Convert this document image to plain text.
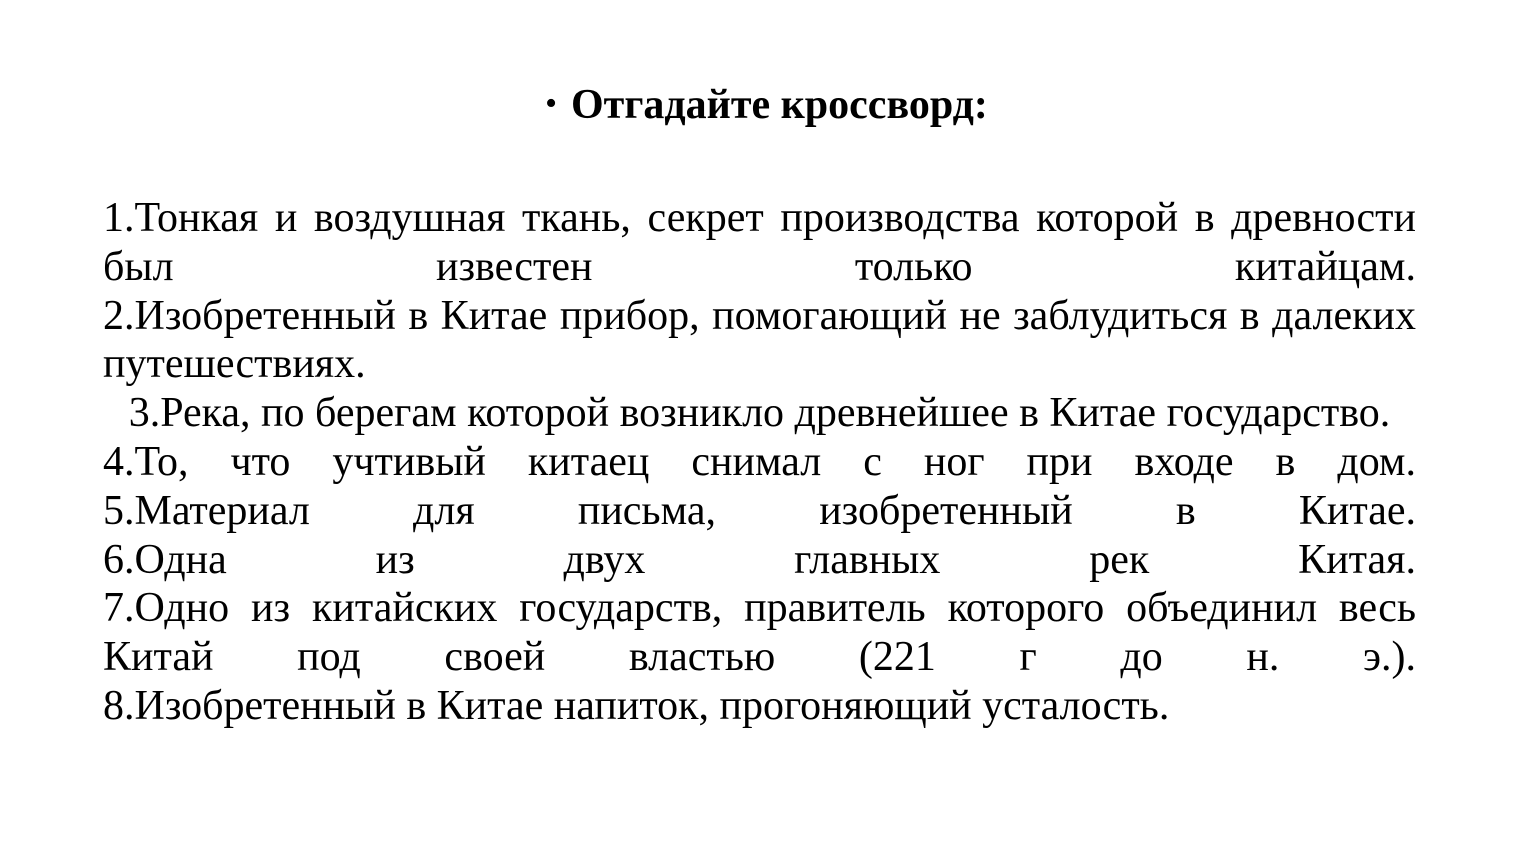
• Отгадайте кроссворд:

1.Тонкая и воздушная ткань, секрет производства которой в древности был известен только китайцам.

2.Изобретенный в Китае прибор, помогающий не заблудиться в далеких путешествиях.

3.Река, по берегам которой возникло древнейшее в Китае государство.

4.То, что учтивый китаец снимал с ног при входе в дом.

5.Материал для письма, изобретенный в Китае.

6.Одна из двух главных рек Китая.

7.Одно из китайских государств, правитель которого объединил весь Китай под своей властью (221 г до н. э.).

8.Изобретенный в Китае напиток, прогоняющий усталость.
